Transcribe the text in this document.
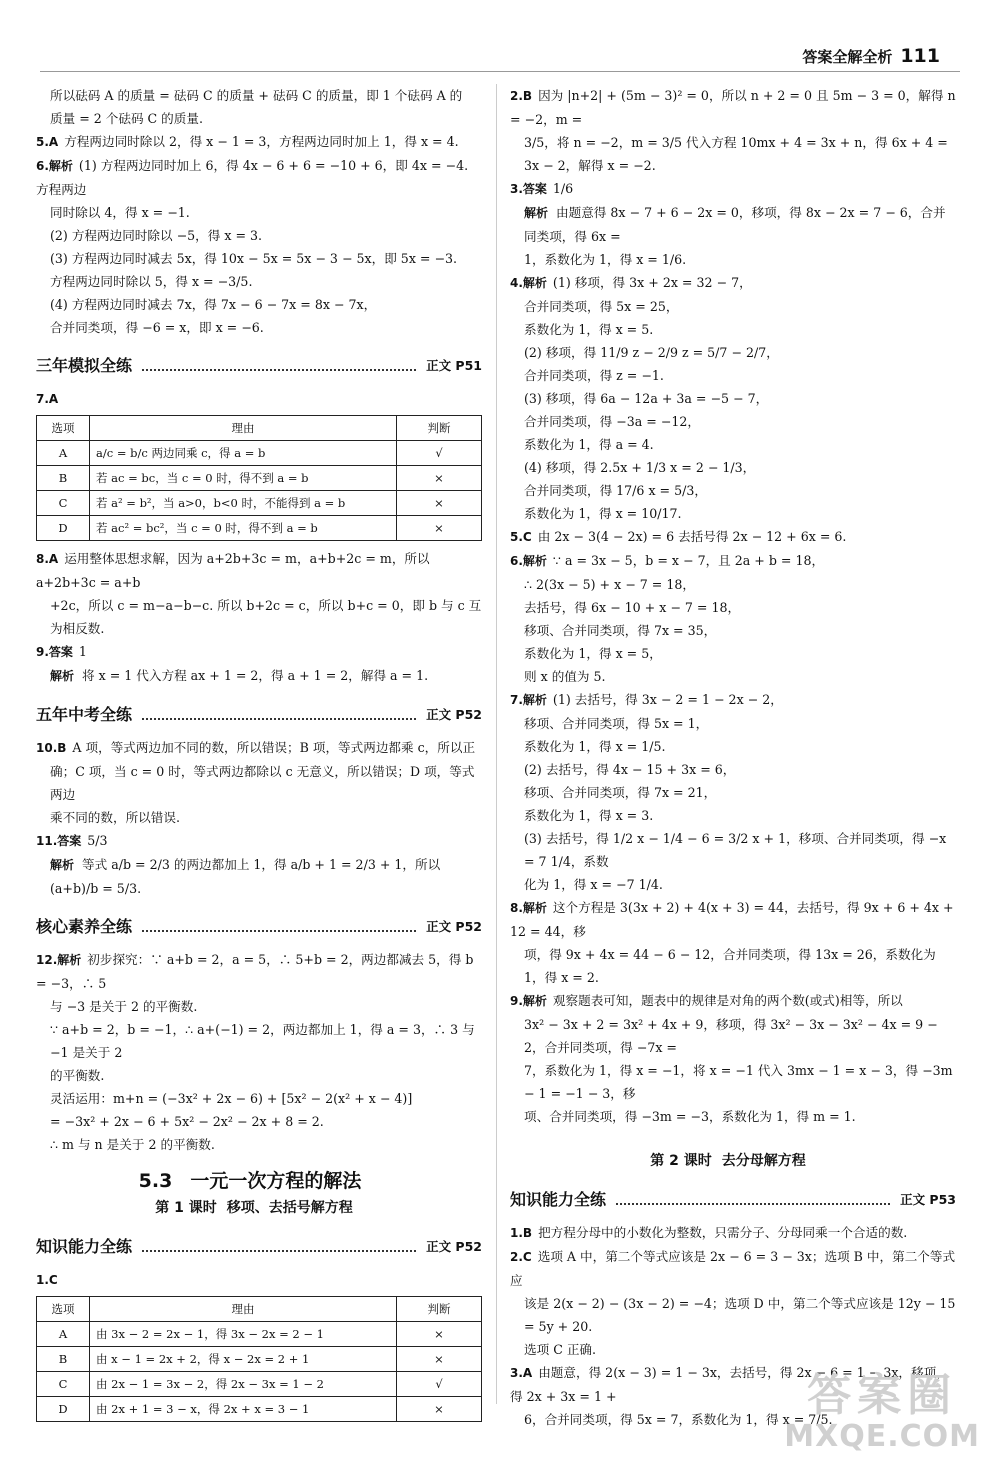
答案全解全析 111

所以砝码 A 的质量 = 砝码 C 的质量 + 砝码 C 的质量，即 1 个砝码 A 的

质量 = 2 个砝码 C 的质量.

5.A 方程两边同时除以 2，得 x − 1 = 3，方程两边同时加上 1，得 x = 4.

6.解析 (1) 方程两边同时加上 6，得 4x − 6 + 6 = −10 + 6，即 4x = −4. 方程两边

同时除以 4，得 x = −1.

(2) 方程两边同时除以 −5，得 x = 3.

(3) 方程两边同时减去 5x，得 10x − 5x = 5x − 3 − 5x，即 5x = −3.

方程两边同时除以 5，得 x = −3/5.

(4) 方程两边同时减去 7x，得 7x − 6 − 7x = 8x − 7x，

合并同类项，得 −6 = x，即 x = −6.

三年模拟全练	正文 P51

7.A

选项	理由	判断
A	a/c = b/c 两边同乘 c，得 a = b	√
B	若 ac = bc，当 c = 0 时，得不到 a = b	×
C	若 a² = b²，当 a>0，b<0 时，不能得到 a = b	×
D	若 ac² = bc²，当 c = 0 时，得不到 a = b	×

8.A 运用整体思想求解，因为 a+2b+3c = m，a+b+2c = m，所以 a+2b+3c = a+b

+2c，所以 c = m−a−b−c. 所以 b+2c = c，所以 b+c = 0，即 b 与 c 互为相反数.

9.答案 1

解析 将 x = 1 代入方程 ax + 1 = 2，得 a + 1 = 2，解得 a = 1.

五年中考全练	正文 P52

10.B A 项，等式两边加不同的数，所以错误；B 项，等式两边都乘 c，所以正

确；C 项，当 c = 0 时，等式两边都除以 c 无意义，所以错误；D 项，等式两边

乘不同的数，所以错误.

11.答案 5/3

解析 等式 a/b = 2/3 的两边都加上 1，得 a/b + 1 = 2/3 + 1，所以 (a+b)/b = 5/3.

核心素养全练	正文 P52

12.解析 初步探究：∵ a+b = 2，a = 5，∴ 5+b = 2，两边都减去 5，得 b = −3，∴ 5

与 −3 是关于 2 的平衡数.

∵ a+b = 2，b = −1，∴ a+(−1) = 2，两边都加上 1，得 a = 3，∴ 3 与 −1 是关于 2

的平衡数.

灵活运用：m+n = (−3x² + 2x − 6) + [5x² − 2(x² + x − 4)]

= −3x² + 2x − 6 + 5x² − 2x² − 2x + 8 = 2.

∴ m 与 n 是关于 2 的平衡数.

5.3 一元一次方程的解法
第 1 课时 移项、去括号解方程
知识能力全练	正文 P52

1.C

选项	理由	判断
A	由 3x − 2 = 2x − 1，得 3x − 2x = 2 − 1	×
B	由 x − 1 = 2x + 2，得 x − 2x = 2 + 1	×
C	由 2x − 1 = 3x − 2，得 2x − 3x = 1 − 2	√
D	由 2x + 1 = 3 − x，得 2x + x = 3 − 1	×

2.B 因为 |n+2| + (5m − 3)² = 0，所以 n + 2 = 0 且 5m − 3 = 0，解得 n = −2，m =

3/5，将 n = −2，m = 3/5 代入方程 10mx + 4 = 3x + n，得 6x + 4 = 3x − 2，解得 x = −2.

3.答案 1/6

解析 由题意得 8x − 7 + 6 − 2x = 0，移项，得 8x − 2x = 7 − 6，合并同类项，得 6x =

1，系数化为 1，得 x = 1/6.

4.解析 (1) 移项，得 3x + 2x = 32 − 7，

合并同类项，得 5x = 25，

系数化为 1，得 x = 5.

(2) 移项，得 11/9 z − 2/9 z = 5/7 − 2/7，

合并同类项，得 z = −1.

(3) 移项，得 6a − 12a + 3a = −5 − 7，

合并同类项，得 −3a = −12，

系数化为 1，得 a = 4.

(4) 移项，得 2.5x + 1/3 x = 2 − 1/3，

合并同类项，得 17/6 x = 5/3，

系数化为 1，得 x = 10/17.

5.C 由 2x − 3(4 − 2x) = 6 去括号得 2x − 12 + 6x = 6.

6.解析 ∵ a = 3x − 5，b = x − 7，且 2a + b = 18，

∴ 2(3x − 5) + x − 7 = 18，

去括号，得 6x − 10 + x − 7 = 18，

移项、合并同类项，得 7x = 35，

系数化为 1，得 x = 5，

则 x 的值为 5.

7.解析 (1) 去括号，得 3x − 2 = 1 − 2x − 2，

移项、合并同类项，得 5x = 1，

系数化为 1，得 x = 1/5.

(2) 去括号，得 4x − 15 + 3x = 6，

移项、合并同类项，得 7x = 21，

系数化为 1，得 x = 3.

(3) 去括号，得 1/2 x − 1/4 − 6 = 3/2 x + 1，移项、合并同类项，得 −x = 7 1/4，系数

化为 1，得 x = −7 1/4.

8.解析 这个方程是 3(3x + 2) + 4(x + 3) = 44，去括号，得 9x + 6 + 4x + 12 = 44，移

项，得 9x + 4x = 44 − 6 − 12，合并同类项，得 13x = 26，系数化为 1，得 x = 2.

9.解析 观察题表可知，题表中的规律是对角的两个数(或式)相等，所以

3x² − 3x + 2 = 3x² + 4x + 9，移项，得 3x² − 3x − 3x² − 4x = 9 − 2，合并同类项，得 −7x =

7，系数化为 1，得 x = −1，将 x = −1 代入 3mx − 1 = x − 3，得 −3m − 1 = −1 − 3，移

项、合并同类项，得 −3m = −3，系数化为 1，得 m = 1.

第 2 课时 去分母解方程
知识能力全练	正文 P53

1.B 把方程分母中的小数化为整数，只需分子、分母同乘一个合适的数.

2.C 选项 A 中，第二个等式应该是 2x − 6 = 3 − 3x；选项 B 中，第二个等式应

该是 2(x − 2) − (3x − 2) = −4；选项 D 中，第二个等式应该是 12y − 15 = 5y + 20.

选项 C 正确.

3.A 由题意，得 2(x − 3) = 1 − 3x，去括号，得 2x − 6 = 1 − 3x，移项，得 2x + 3x = 1 +

6，合并同类项，得 5x = 7，系数化为 1，得 x = 7/5.

答案圈
MXQE.COM
